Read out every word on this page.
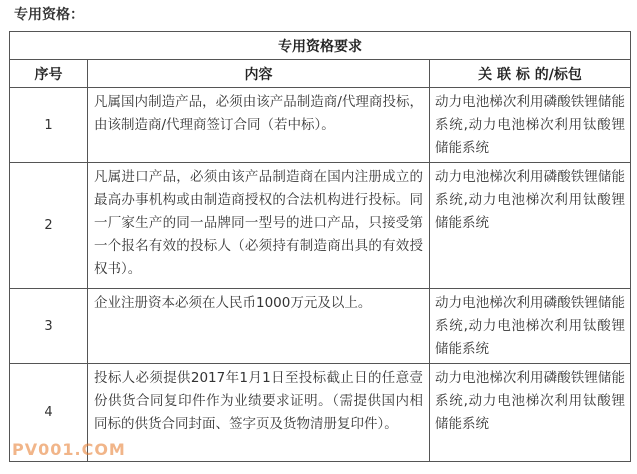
专用资格：
专用资格要求		
序号	内容	关 联 标 的/标包
1	凡属国内制造产品，必须由该产品制造商/代理商投标，由该制造商/代理商签订合同（若中标）。	动力电池梯次利用磷酸铁锂储能系统,动力电池梯次利用钛酸锂储能系统
2	凡属进口产品，必须由该产品制造商在国内注册成立的最高办事机构或由制造商授权的合法机构进行投标。同一厂家生产的同一品牌同一型号的进口产品，只接受第一个报名有效的投标人（必须持有制造商出具的有效授权书）。	动力电池梯次利用磷酸铁锂储能系统,动力电池梯次利用钛酸锂储能系统
3	企业注册资本必须在人民币1000万元及以上。	动力电池梯次利用磷酸铁锂储能系统,动力电池梯次利用钛酸锂储能系统
4	投标人必须提供2017年1月1日至投标截止日的任意壹份供货合同复印件作为业绩要求证明。（需提供国内相同标的供货合同封面、签字页及货物清册复印件）。	动力电池梯次利用磷酸铁锂储能系统,动力电池梯次利用钛酸锂储能系统
PV001.COM
